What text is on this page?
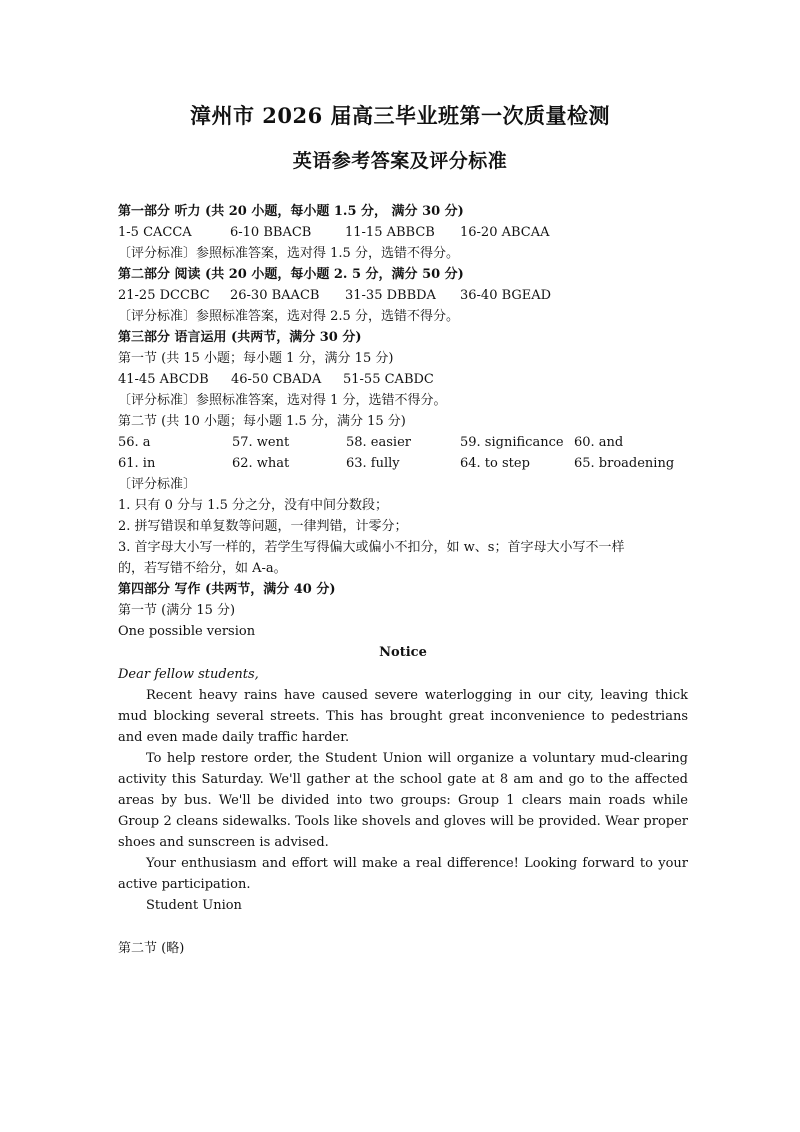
漳州市 2026 届高三毕业班第一次质量检测
英语参考答案及评分标准
第一部分 听力 (共 20 小题，每小题 1.5 分， 满分 30 分)
1-5 CACCA	6-10 BBACB	11-15 ABBCB	16-20 ABCAA
〔评分标准〕参照标准答案，选对得 1.5 分，选错不得分。
第二部分 阅读 (共 20 小题，每小题 2. 5 分，满分 50 分)
21-25 DCCBC	26-30 BAACB	31-35 DBBDA	36-40 BGEAD
〔评分标准〕参照标准答案，选对得 2.5 分，选错不得分。
第三部分 语言运用 (共两节，满分 30 分)
第一节 (共 15 小题；每小题 1 分，满分 15 分)
41-45 ABCDB	46-50 CBADA	51-55 CABDC
〔评分标准〕参照标准答案，选对得 1 分，选错不得分。
第二节 (共 10 小题；每小题 1.5 分，满分 15 分)
56. a	57. went	58. easier	59. significance 60. and
61. in	62. what	63. fully	64. to step	65. broadening
〔评分标准〕
1. 只有 0 分与 1.5 分之分，没有中间分数段；
2. 拼写错误和单复数等问题，一律判错，计零分；
3. 首字母大小写一样的，若学生写得偏大或偏小不扣分，如 w、s；首字母大小写不一样
的，若写错不给分，如 A-a。
第四部分 写作 (共两节，满分 40 分)
第一节 (满分 15 分)
One possible version
Notice
Dear fellow students,

Recent heavy rains have caused severe waterlogging in our city, leaving thick mud blocking several streets. This has brought great inconvenience to pedestrians and even made daily traffic harder.

To help restore order, the Student Union will organize a voluntary mud-clearing activity this Saturday. We'll gather at the school gate at 8 am and go to the affected areas by bus. We'll be divided into two groups: Group 1 clears main roads while Group 2 cleans sidewalks. Tools like shovels and gloves will be provided. Wear proper shoes and sunscreen is advised.

Your enthusiasm and effort will make a real difference! Looking forward to your active participation.

Student Union
第二节 (略)
